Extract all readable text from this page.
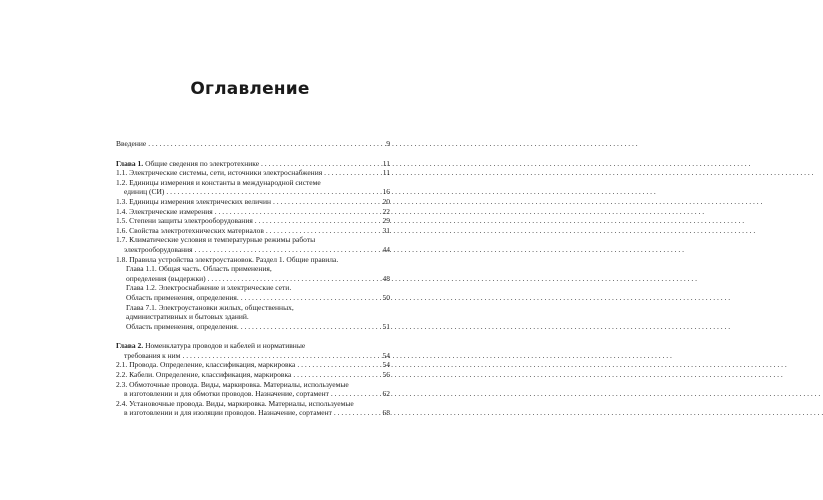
Оглавление
Введение . . .	9
Глава 1. Общие сведения по электротехнике . . .	11
1.1. Электрические системы, сети, источники электроснабжения . . .	11
1.2. Единицы измерения и константы в международной системе
единиц (СИ) . . .	16
1.3. Единицы измерения электрических величин . . .	20
1.4. Электрические измерения . . .	22
1.5. Степени защиты электрооборудования . . .	29
1.6. Свойства электротехнических материалов . . .	31
1.7. Климатические условия и температурные режимы работы
электрооборудования . . .	44
1.8. Правила устройства электроустановок. Раздел 1. Общие правила.
Глава 1.1. Общая часть. Область применения,
определения (выдержки) . . .	48
Глава 1.2. Электроснабжение и электрические сети.
Область применения, определения. . . .	50
Глава 7.1. Электроустановки жилых, общественных,
административных и бытовых зданий.
Область применения, определения. . . .	51
Глава 2. Номенклатура проводов и кабелей и нормативные
требования к ним . . .	54
2.1. Провода. Определение, классификация, маркировка . . .	54
2.2. Кабели. Определение, классификация, маркировка . . .	56
2.3. Обмоточные провода. Виды, маркировка. Материалы, используемые
в изготовлении и для обмотки проводов. Назначение, сортамент . . .	62
2.4. Установочные провода. Виды, маркировка. Материалы, используемые
в изготовлении и для изоляции проводов. Назначение, сортамент . . .	68
